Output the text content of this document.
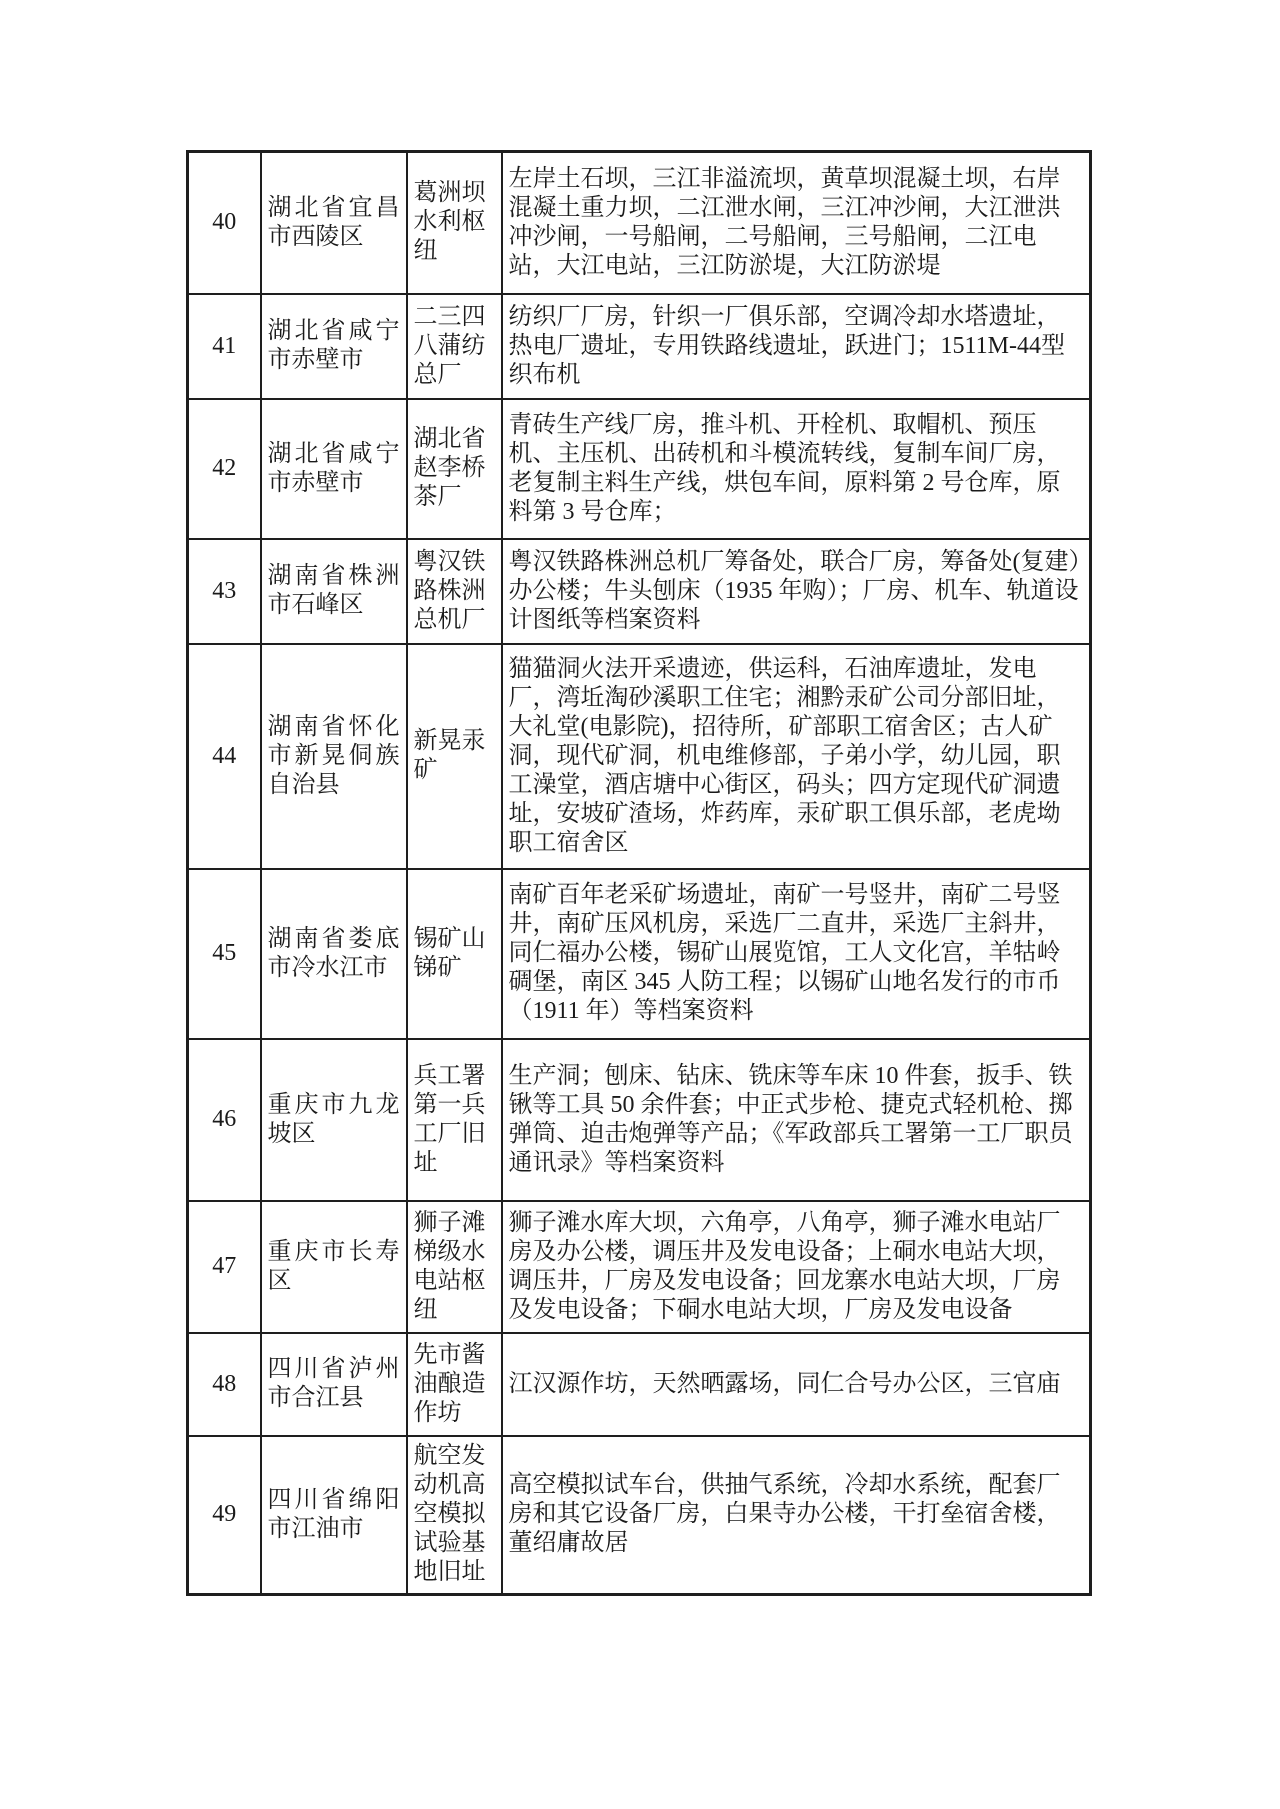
40	湖北省宜昌市西陵区	葛洲坝水利枢纽	左岸土石坝，三江非溢流坝，黄草坝混凝土坝，右岸混凝土重力坝，二江泄水闸，三江冲沙闸，大江泄洪冲沙闸，一号船闸，二号船闸，三号船闸，二江电站，大江电站，三江防淤堤，大江防淤堤
41	湖北省咸宁市赤壁市	二三四八蒲纺总厂	纺织厂厂房，针织一厂俱乐部，空调冷却水塔遗址，热电厂遗址，专用铁路线遗址，跃进门；1511M-44型织布机
42	湖北省咸宁市赤壁市	湖北省赵李桥茶厂	青砖生产线厂房，推斗机、开栓机、取帽机、预压机、主压机、出砖机和斗模流转线，复制车间厂房，老复制主料生产线，烘包车间，原料第 2 号仓库，原料第 3 号仓库；
43	湖南省株洲市石峰区	粤汉铁路株洲总机厂	粤汉铁路株洲总机厂筹备处，联合厂房，筹备处(复建）办公楼；牛头刨床（1935 年购）；厂房、机车、轨道设计图纸等档案资料
44	湖南省怀化市新晃侗族自治县	新晃汞矿	猫猫洞火法开采遗迹，供运科，石油库遗址，发电厂，湾坵淘砂溪职工住宅；湘黔汞矿公司分部旧址，大礼堂(电影院)，招待所，矿部职工宿舍区；古人矿洞，现代矿洞，机电维修部，子弟小学，幼儿园，职工澡堂，酒店塘中心街区，码头；四方定现代矿洞遗址，安坡矿渣场，炸药库，汞矿职工俱乐部，老虎坳职工宿舍区
45	湖南省娄底市冷水江市	锡矿山锑矿	南矿百年老采矿场遗址，南矿一号竖井，南矿二号竖井，南矿压风机房，采选厂二直井，采选厂主斜井，同仁福办公楼，锡矿山展览馆，工人文化宫，羊牯岭碉堡，南区 345 人防工程；以锡矿山地名发行的市币（1911 年）等档案资料
46	重庆市九龙坡区	兵工署第一兵工厂旧址	生产洞；刨床、钻床、铣床等车床 10 件套，扳手、铁锹等工具 50 余件套；中正式步枪、捷克式轻机枪、掷弹筒、迫击炮弹等产品；《军政部兵工署第一工厂职员通讯录》等档案资料
47	重庆市长寿区	狮子滩梯级水电站枢纽	狮子滩水库大坝，六角亭，八角亭，狮子滩水电站厂房及办公楼，调压井及发电设备；上硐水电站大坝，调压井，厂房及发电设备；回龙寨水电站大坝，厂房及发电设备；下硐水电站大坝，厂房及发电设备
48	四川省泸州市合江县	先市酱油酿造作坊	江汉源作坊，天然晒露场，同仁合号办公区，三官庙
49	四川省绵阳市江油市	航空发动机高空模拟试验基地旧址	高空模拟试车台，供抽气系统，冷却水系统，配套厂房和其它设备厂房，白果寺办公楼，干打垒宿舍楼，董绍庸故居
